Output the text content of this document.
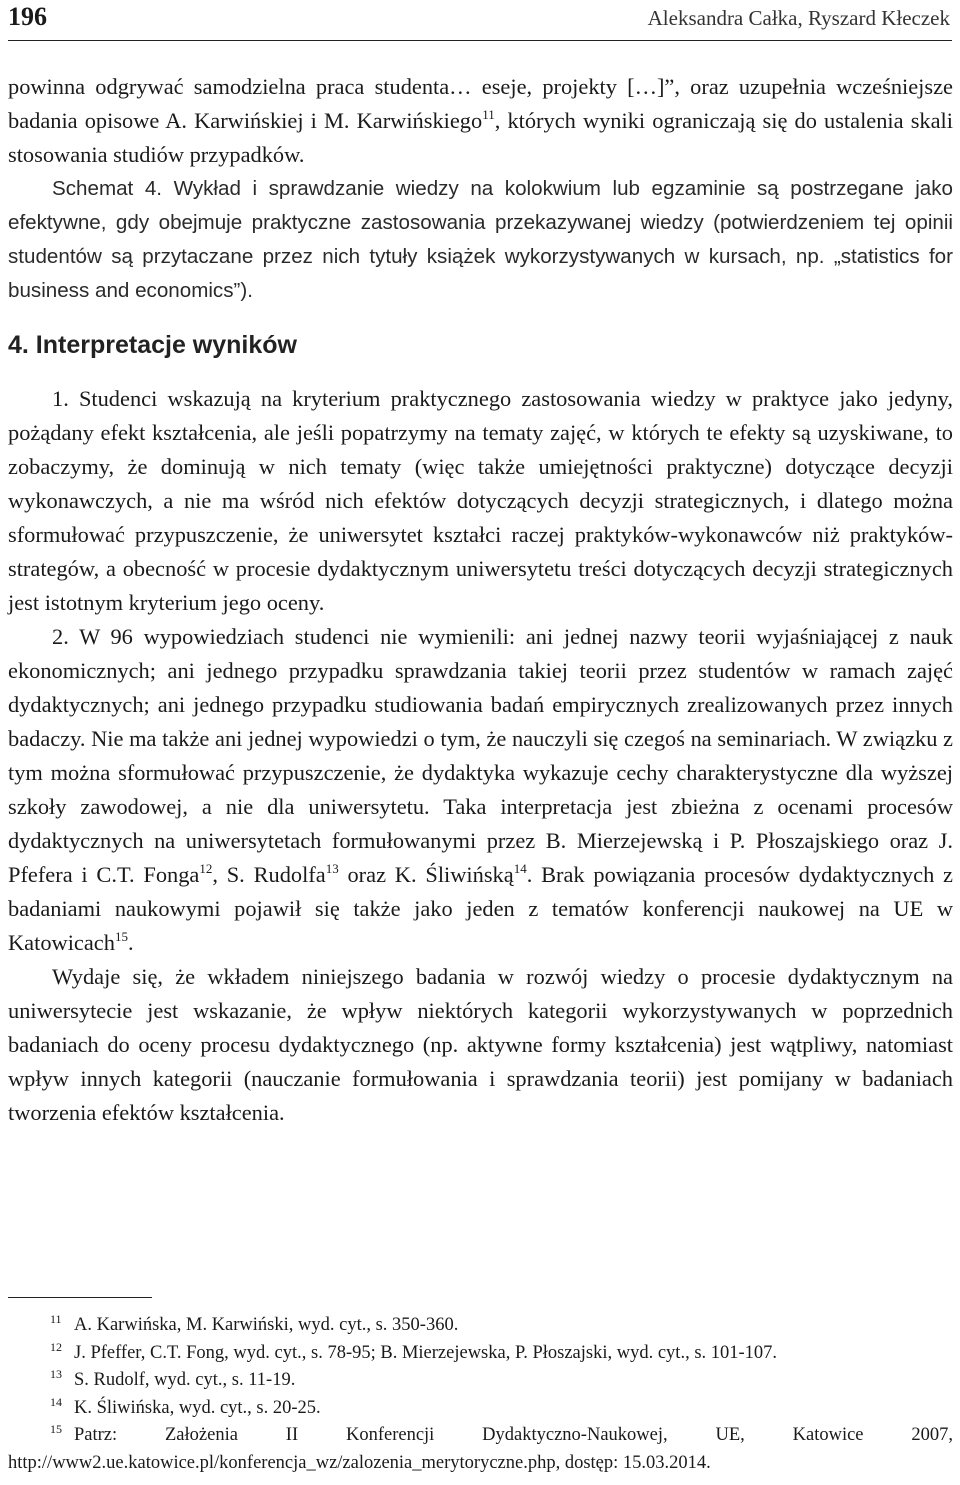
196	Aleksandra Całka, Ryszard Kłeczek

powinna odgrywać samodzielna praca studenta… eseje, projekty […]”, oraz uzupełnia wcześniejsze badania opisowe A. Karwińskiej i M. Karwińskiego$^{11}$, których wyniki ograniczają się do ustalenia skali stosowania studiów przypadków.

Schemat 4. Wykład i sprawdzanie wiedzy na kolokwium lub egzaminie są postrzegane jako efektywne, gdy obejmuje praktyczne zastosowania przekazywanej wiedzy (potwierdzeniem tej opinii studentów są przytaczane przez nich tytuły książek wykorzystywanych w kursach, np. „statistics for business and economics”).

4. Interpretacje wyników

1. Studenci wskazują na kryterium praktycznego zastosowania wiedzy w praktyce jako jedyny, pożądany efekt kształcenia, ale jeśli popatrzymy na tematy zajęć, w których te efekty są uzyskiwane, to zobaczymy, że dominują w nich tematy (więc także umiejętności praktyczne) dotyczące decyzji wykonawczych, a nie ma wśród nich efektów dotyczących decyzji strategicznych, i dlatego można sformułować przypuszczenie, że uniwersytet kształci raczej praktyków-wykonawców niż praktyków-strategów, a obecność w procesie dydaktycznym uniwersytetu treści dotyczących decyzji strategicznych jest istotnym kryterium jego oceny.

2. W 96 wypowiedziach studenci nie wymienili: ani jednej nazwy teorii wyjaśniającej z nauk ekonomicznych; ani jednego przypadku sprawdzania takiej teorii przez studentów w ramach zajęć dydaktycznych; ani jednego przypadku studiowania badań empirycznych zrealizowanych przez innych badaczy. Nie ma także ani jednej wypowiedzi o tym, że nauczyli się czegoś na seminariach. W związku z tym można sformułować przypuszczenie, że dydaktyka wykazuje cechy charakterystyczne dla wyższej szkoły zawodowej, a nie dla uniwersytetu. Taka interpretacja jest zbieżna z ocenami procesów dydaktycznych na uniwersytetach formułowanymi przez B. Mierzejewską i P. Płoszajskiego oraz J. Pfefera i C.T. Fonga$^{12}$, S. Rudolfa$^{13}$ oraz K. Śliwińską$^{14}$. Brak powiązania procesów dydaktycznych z badaniami naukowymi pojawił się także jako jeden z tematów konferencji naukowej na UE w Katowicach$^{15}$.

Wydaje się, że wkładem niniejszego badania w rozwój wiedzy o procesie dydaktycznym na uniwersytecie jest wskazanie, że wpływ niektórych kategorii wykorzystywanych w poprzednich badaniach do oceny procesu dydaktycznego (np. aktywne formy kształcenia) jest wątpliwy, natomiast wpływ innych kategorii (nauczanie formułowania i sprawdzania teorii) jest pomijany w badaniach tworzenia efektów kształcenia.

11 A. Karwińska, M. Karwiński, wyd. cyt., s. 350-360.

12 J. Pfeffer, C.T. Fong, wyd. cyt., s. 78-95; B. Mierzejewska, P. Płoszajski, wyd. cyt., s. 101-107.

13 S. Rudolf, wyd. cyt., s. 11-19.

14 K. Śliwińska, wyd. cyt., s. 20-25.

15 Patrz: Założenia II Konferencji Dydaktyczno-Naukowej, UE, Katowice 2007, http://www2.ue.katowice.pl/konferencja_wz/zalozenia_merytoryczne.php, dostęp: 15.03.2014.
